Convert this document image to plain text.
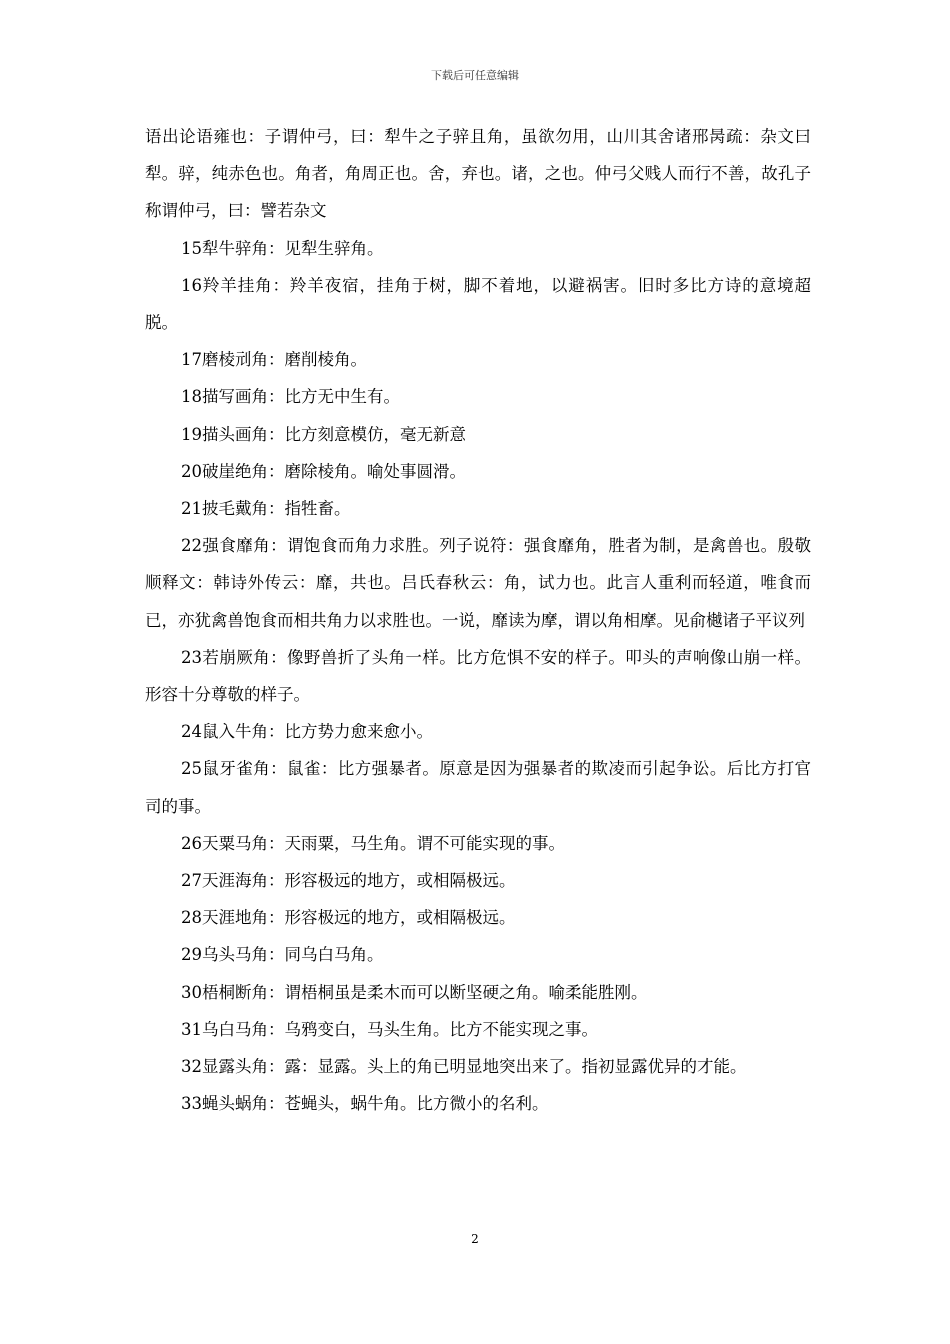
下载后可任意编辑

语出论语雍也：子谓仲弓，曰：犁牛之子骍且角，虽欲勿用，山川其舍诸邢昺疏：杂文曰犁。骍，纯赤色也。角者，角周正也。舍，弃也。诸，之也。仲弓父贱人而行不善，故孔子称谓仲弓，曰：譬若杂文

15犁牛骍角：见犁生骍角。

16羚羊挂角：羚羊夜宿，挂角于树，脚不着地，以避祸害。旧时多比方诗的意境超脱。

17磨棱刓角：磨削棱角。

18描写画角：比方无中生有。

19描头画角：比方刻意模仿，毫无新意

20破崖绝角：磨除棱角。喻处事圆滑。

21披毛戴角：指牲畜。

22强食靡角：谓饱食而角力求胜。列子说符：强食靡角，胜者为制，是禽兽也。殷敬顺释文：韩诗外传云：靡，共也。吕氏春秋云：角，试力也。此言人重利而轻道，唯食而已，亦犹禽兽饱食而相共角力以求胜也。一说，靡读为摩，谓以角相摩。见俞樾诸子平议列

23若崩厥角：像野兽折了头角一样。比方危惧不安的样子。叩头的声响像山崩一样。形容十分尊敬的样子。

24鼠入牛角：比方势力愈来愈小。

25鼠牙雀角：鼠雀：比方强暴者。原意是因为强暴者的欺凌而引起争讼。后比方打官司的事。

26天粟马角：天雨粟，马生角。谓不可能实现的事。

27天涯海角：形容极远的地方，或相隔极远。

28天涯地角：形容极远的地方，或相隔极远。

29乌头马角：同乌白马角。

30梧桐断角：谓梧桐虽是柔木而可以断坚硬之角。喻柔能胜刚。

31乌白马角：乌鸦变白，马头生角。比方不能实现之事。

32显露头角：露：显露。头上的角已明显地突出来了。指初显露优异的才能。

33蝇头蜗角：苍蝇头，蜗牛角。比方微小的名利。

2
